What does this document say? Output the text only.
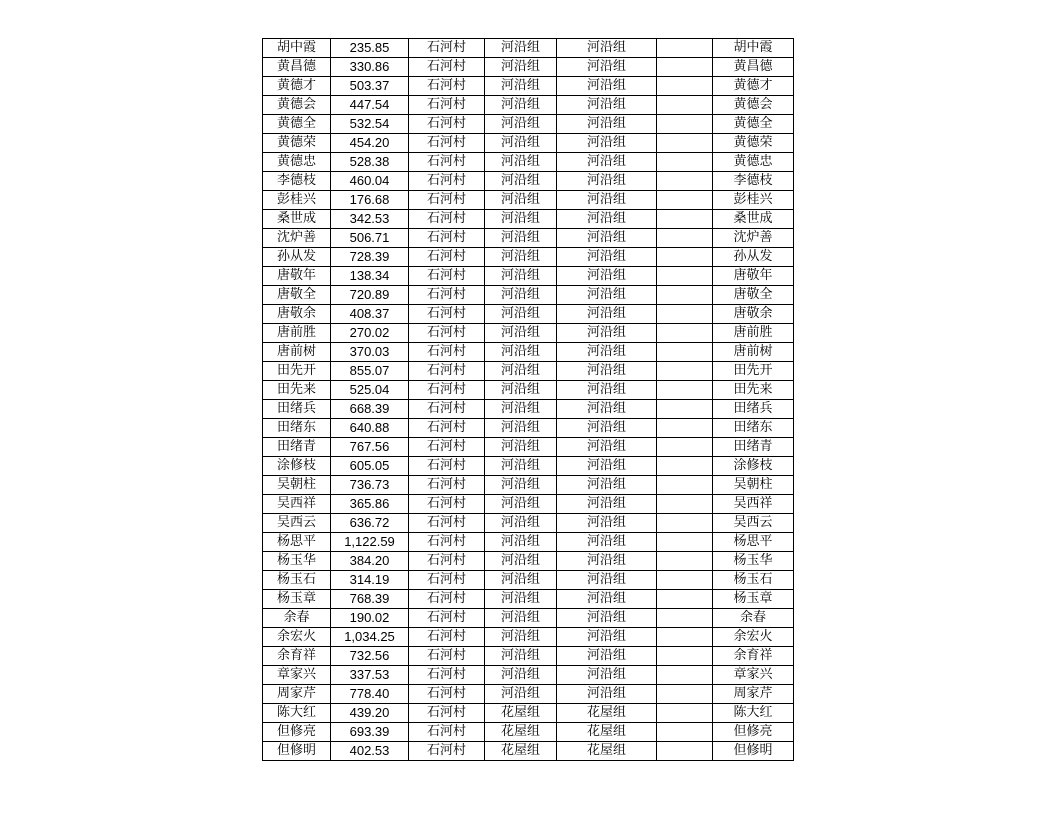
胡中霞	235.85	石河村	河沿组	河沿组		胡中霞
黄昌德	330.86	石河村	河沿组	河沿组		黄昌德
黄德才	503.37	石河村	河沿组	河沿组		黄德才
黄德会	447.54	石河村	河沿组	河沿组		黄德会
黄德全	532.54	石河村	河沿组	河沿组		黄德全
黄德荣	454.20	石河村	河沿组	河沿组		黄德荣
黄德忠	528.38	石河村	河沿组	河沿组		黄德忠
李德枝	460.04	石河村	河沿组	河沿组		李德枝
彭桂兴	176.68	石河村	河沿组	河沿组		彭桂兴
桑世成	342.53	石河村	河沿组	河沿组		桑世成
沈炉善	506.71	石河村	河沿组	河沿组		沈炉善
孙从发	728.39	石河村	河沿组	河沿组		孙从发
唐敬年	138.34	石河村	河沿组	河沿组		唐敬年
唐敬全	720.89	石河村	河沿组	河沿组		唐敬全
唐敬余	408.37	石河村	河沿组	河沿组		唐敬余
唐前胜	270.02	石河村	河沿组	河沿组		唐前胜
唐前树	370.03	石河村	河沿组	河沿组		唐前树
田先开	855.07	石河村	河沿组	河沿组		田先开
田先来	525.04	石河村	河沿组	河沿组		田先来
田绪兵	668.39	石河村	河沿组	河沿组		田绪兵
田绪东	640.88	石河村	河沿组	河沿组		田绪东
田绪青	767.56	石河村	河沿组	河沿组		田绪青
涂修枝	605.05	石河村	河沿组	河沿组		涂修枝
吴朝柱	736.73	石河村	河沿组	河沿组		吴朝柱
吴西祥	365.86	石河村	河沿组	河沿组		吴西祥
吴西云	636.72	石河村	河沿组	河沿组		吴西云
杨思平	1,122.59	石河村	河沿组	河沿组		杨思平
杨玉华	384.20	石河村	河沿组	河沿组		杨玉华
杨玉石	314.19	石河村	河沿组	河沿组		杨玉石
杨玉章	768.39	石河村	河沿组	河沿组		杨玉章
余春	190.02	石河村	河沿组	河沿组		余春
余宏火	1,034.25	石河村	河沿组	河沿组		余宏火
余育祥	732.56	石河村	河沿组	河沿组		余育祥
章家兴	337.53	石河村	河沿组	河沿组		章家兴
周家芹	778.40	石河村	河沿组	河沿组		周家芹
陈大红	439.20	石河村	花屋组	花屋组		陈大红
但修亮	693.39	石河村	花屋组	花屋组		但修亮
但修明	402.53	石河村	花屋组	花屋组		但修明
